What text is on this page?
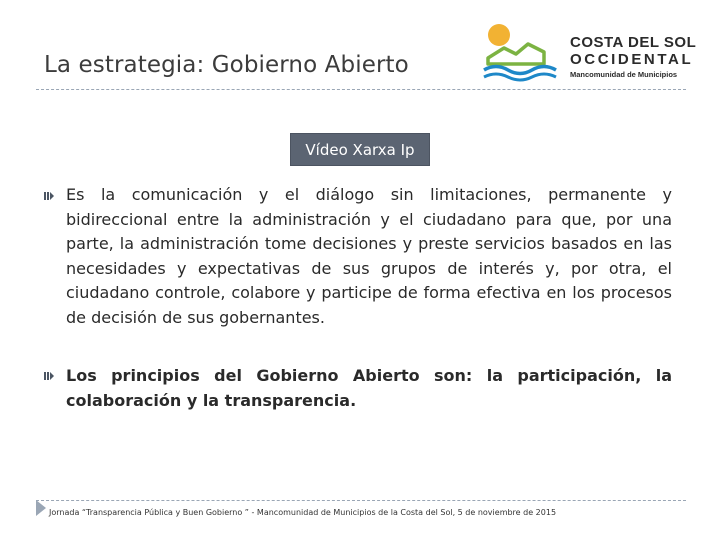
La estrategia: Gobierno Abierto
COSTA DEL SOL
OCCIDENTAL
Mancomunidad de Municipios
Vídeo Xarxa Ip
Es la comunicación y el diálogo sin limitaciones, permanente y bidireccional entre la administración y el ciudadano para que, por una parte, la administración tome decisiones y preste servicios basados en las necesidades y expectativas de sus grupos de interés y, por otra, el ciudadano controle, colabore y participe de forma efectiva en los procesos de decisión de sus gobernantes.
Los principios del Gobierno Abierto son: la participación, la colaboración y la transparencia.
Jornada “Transparencia Pública y Buen Gobierno ” - Mancomunidad de Municipios de la Costa del Sol, 5 de noviembre de 2015
